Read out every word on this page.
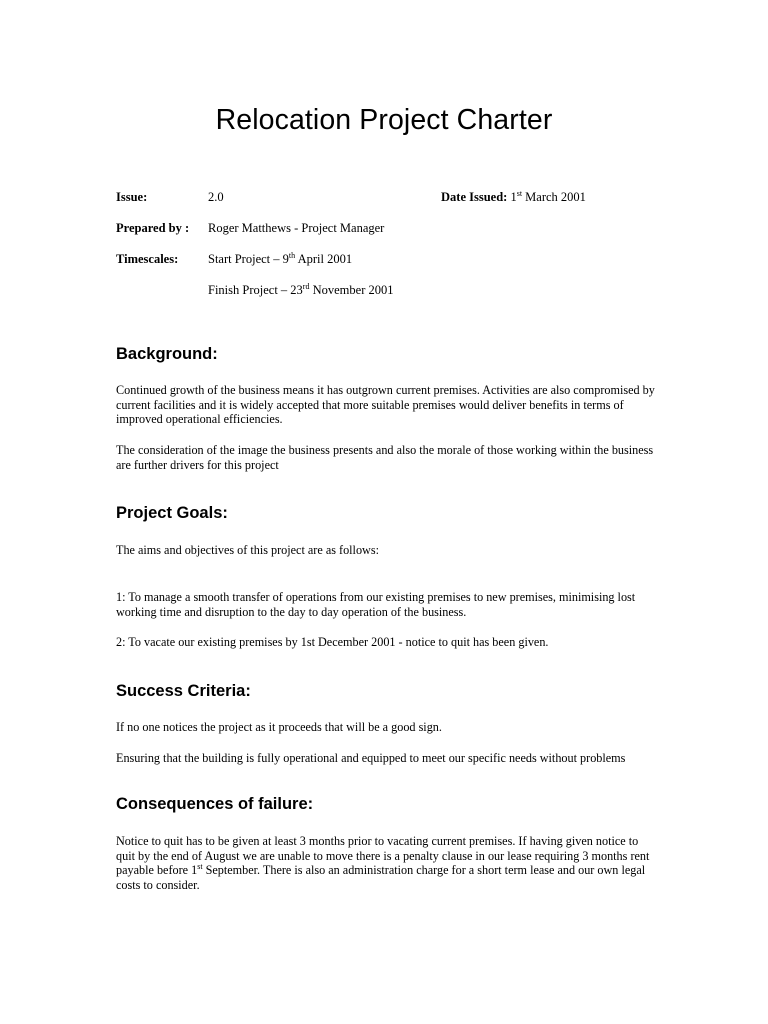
Relocation Project Charter
Issue:	2.0	Date Issued: 1st March 2001
Prepared by : Roger Matthews - Project Manager
Timescales: Start Project – 9th April 2001
Finish Project – 23rd November 2001
Background:
Continued growth of the business means it has outgrown current premises. Activities are also compromised by current facilities and it is widely accepted that more suitable premises would deliver benefits in terms of improved operational efficiencies.
The consideration of the image the business presents and also the morale of those working within the business are further drivers for this project
Project Goals:
The aims and objectives of this project are as follows:
1: To manage a smooth transfer of operations from our existing premises to new premises, minimising lost working time and disruption to the day to day operation of the business.
2: To vacate our existing premises by 1st December 2001 - notice to quit has been given.
Success Criteria:
If no one notices the project as it proceeds that will be a good sign.
Ensuring that the building is fully operational and equipped to meet our specific needs without problems
Consequences of failure:
Notice to quit has to be given at least 3 months prior to vacating current premises. If having given notice to quit by the end of August we are unable to move there is a penalty clause in our lease requiring 3 months rent payable before 1st September. There is also an administration charge for a short term lease and our own legal costs to consider.
